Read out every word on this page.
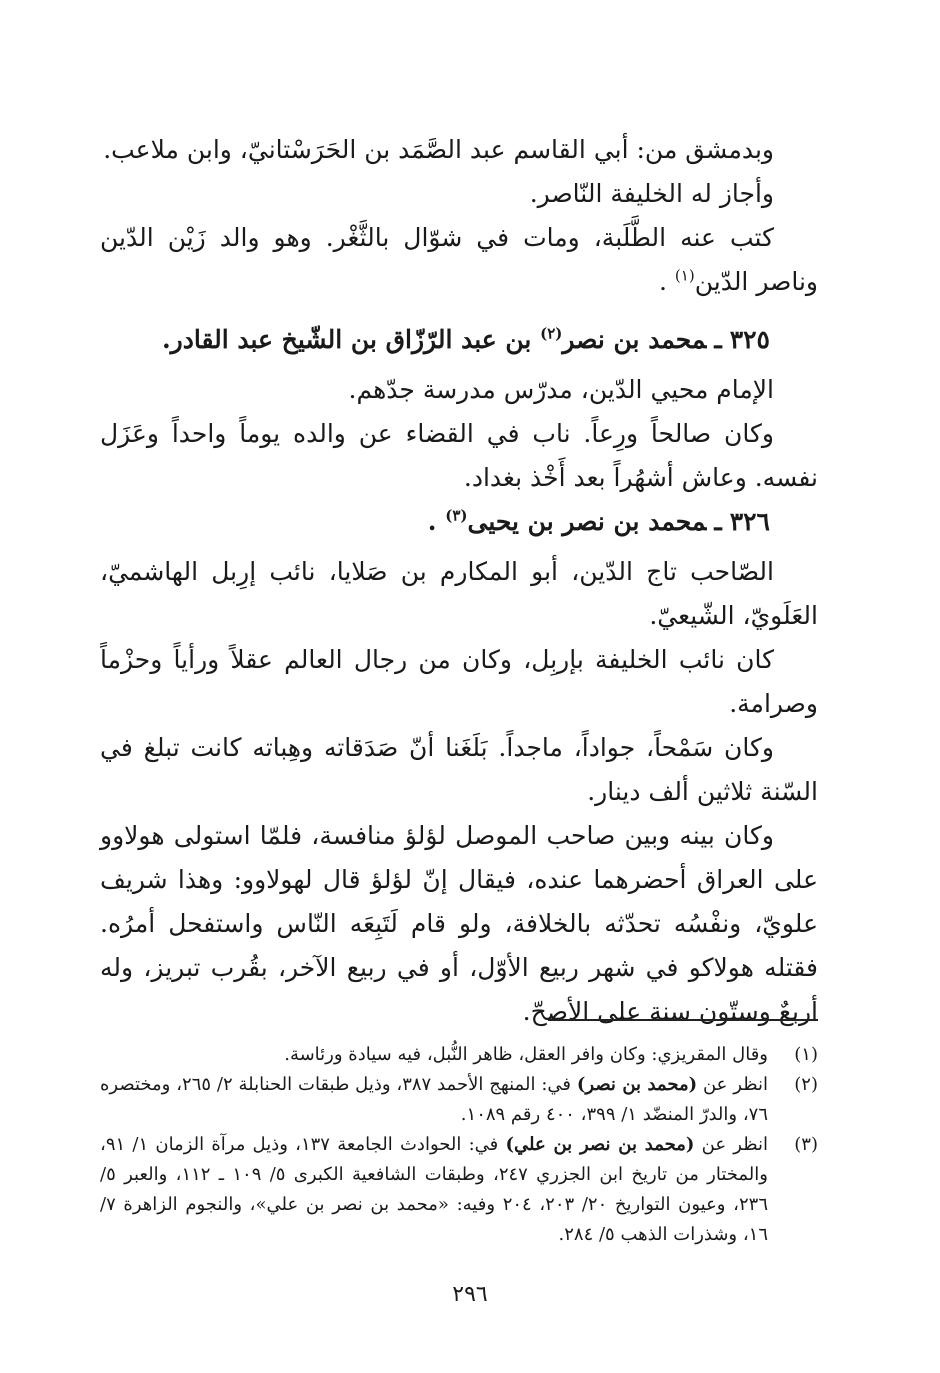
وبدمشق من: أبي القاسم عبد الصَّمَد بن الحَرَسْتانيّ، وابن ملاعب.

وأجاز له الخليفة النّاصر.

كتب عنه الطَّلَبة، ومات في شوّال بالثَّغْر. وهو والد زَيْن الدّين وناصر الدّين$^{(١)}$ .

٣٢٥ـمحمد بن نصر$^{(٢)}$ بن عبد الرّزّاق بن الشّيخ عبد القادر.

الإمام محيي الدّين، مدرّس مدرسة جدّهم.

وكان صالحاً ورِعاً. ناب في القضاء عن والده يوماً واحداً وعَزَل نفسه. وعاش أشهُراً بعد أَخْذ بغداد.

٣٢٦ـمحمد بن نصر بن يحيى$^{(٣)}$ .

الصّاحب تاج الدّين، أبو المكارم بن صَلايا، نائب إرِبل الهاشميّ، العَلَويّ، الشّيعيّ.

كان نائب الخليفة بإربِل، وكان من رجال العالم عقلاً ورأياً وحزْماً وصرامة.

وكان سَمْحاً، جواداً، ماجداً. بَلَغَنا أنّ صَدَقاته وهِباته كانت تبلغ في السّنة ثلاثين ألف دينار.

وكان بينه وبين صاحب الموصل لؤلؤ منافسة، فلمّا استولى هولاوو على العراق أحضرهما عنده، فيقال إنّ لؤلؤ قال لهولاوو: وهذا شريف علويّ، ونفْسُه تحدّثه بالخلافة، ولو قام لَتَبِعَه النّاس واستفحل أمرُه. فقتله هولاكو في شهر ربيع الأوّل، أو في ربيع الآخر، بقُرب تبريز، وله أربعٌ وستّون سنة على الأصحّ.

(١)
وقال المقريزي: وكان وافر العقل، ظاهر النُّبل، فيه سيادة ورئاسة.
(٢)
انظر عن (محمد بن نصر) في: المنهج الأحمد ٣٨٧، وذيل طبقات الحنابلة ٢/ ٢٦٥، ومختصره ٧٦، والدرّ المنضّد ١/ ٣٩٩، ٤٠٠ رقم ١٠٨٩.
(٣)
انظر عن (محمد بن نصر بن علي) في: الحوادث الجامعة ١٣٧، وذيل مرآة الزمان ١/ ٩١، والمختار من تاريخ ابن الجزري ٢٤٧، وطبقات الشافعية الكبرى ٥/ ١٠٩ ـ ١١٢، والعبر ٥/ ٢٣٦، وعيون التواريخ ٢٠/ ٢٠٣، ٢٠٤ وفيه: «محمد بن نصر بن علي»، والنجوم الزاهرة ٧/ ١٦، وشذرات الذهب ٥/ ٢٨٤.
٢٩٦
